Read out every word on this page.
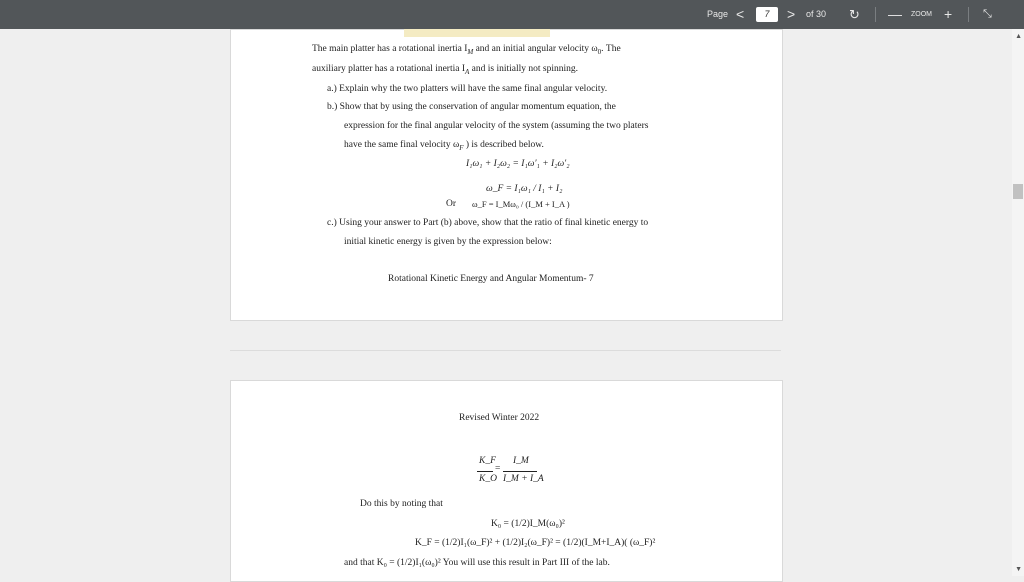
Page <	7	> of 30 ↻ — ZOOM +	⤡
The main platter has a rotational inertia $I_M$ and an initial angular velocity $\omega_0$. The
auxiliary platter has a rotational inertia $I_A$ and is initially not spinning.
a.) Explain why the two platters will have the same final angular velocity.
b.) Show that by using the conservation of angular momentum equation, the
expression for the final angular velocity of the system (assuming the two platers
have the same final velocity $\omega_F$ ) is described below.
I₁ω₁ + I₂ω₂ = I₁ω′₁ + I₂ω′₂
ω_F = I₁ω₁ / I₁ + I₂
Or ω_F = I_Mω₀ / (I_M + I_A )
c.) Using your answer to Part (b) above, show that the ratio of final kinetic energy to
initial kinetic energy is given by the expression below:
Rotational Kinetic Energy and Angular Momentum- 7
Revised Winter 2022
K_F
K_O
=
I_M
I_M + I_A
Do this by noting that
K₀ = (1/2)I_M(ω₀)²
K_F = (1/2)I₁(ω_F)² + (1/2)I₂(ω_F)² = (1/2)(I_M+I_A)( (ω_F)²
and that K₀ = (1/2)I₁(ω₀)² You will use this result in Part III of the lab.
▲
▼
